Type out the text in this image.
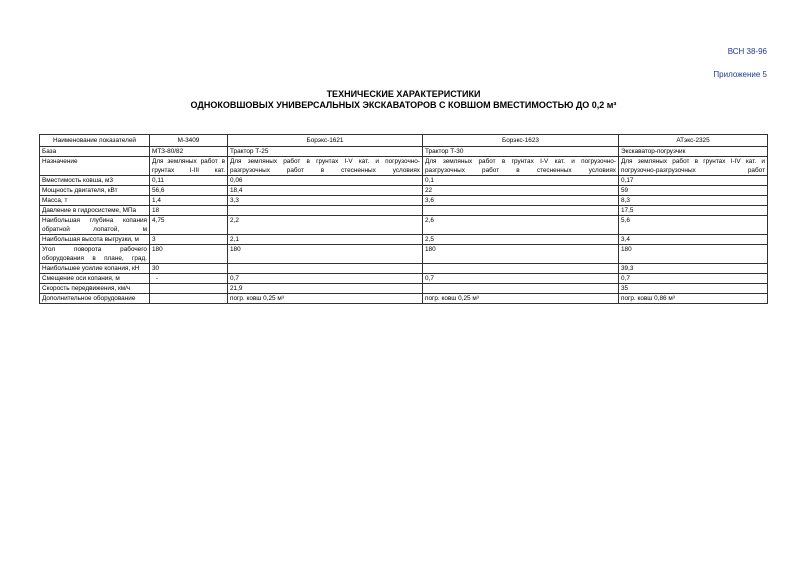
ВСН 38-96
Приложение 5
ТЕХНИЧЕСКИЕ ХАРАКТЕРИСТИКИ
ОДНОКОВШОВЫХ УНИВЕРСАЛЬНЫХ ЭКСКАВАТОРОВ С КОВШОМ ВМЕСТИМОСТЬЮ ДО 0,2 м³
Наименование показателей	М-3409	Борэкс-1621	Борэкс-1623	АТэкс-2325
База	МТЗ-80/82	Трактор Т-25	Трактор Т-30	Экскаватор-погрузчик
Назначение	Для земляных работ в грунтах I-III кат.	Для земляных работ в грунтах I-V кат. и погрузочно-разгрузочных работ в стесненных условиях	Для земляных работ в грунтах I-V кат. и погрузочно-разгрузочных работ в стесненных условиях	Для земляных работ в грунтах I-IV кат. и погрузочно-разгрузочных работ
Вместимость ковша, м3	0,11	0,06	0,1	0,17
Мощность двигателя, кВт	56,6	18,4	22	59
Масса, т	1,4	3,3	3,6	8,3
Давление в гидросистеме, МПа	18			17,5
Наибольшая глубина копания обратной лопатой, м	4,75	2,2	2,6	5,6
Наибольшая высота выгрузки, м	3	2,1	2,5	3,4
Угол поворота рабочего оборудования в плане, град.	180	180	180	180
Наибольшее усилие копания, кН	30			39,3
Смещение оси копания, м	-	0,7	0,7	0,7
Скорость передвижения, км/ч		21,9		35
Дополнительное оборудование		погр. ковш 0,25 м³	погр. ковш 0,25 м³	погр. ковш 0,86 м³
